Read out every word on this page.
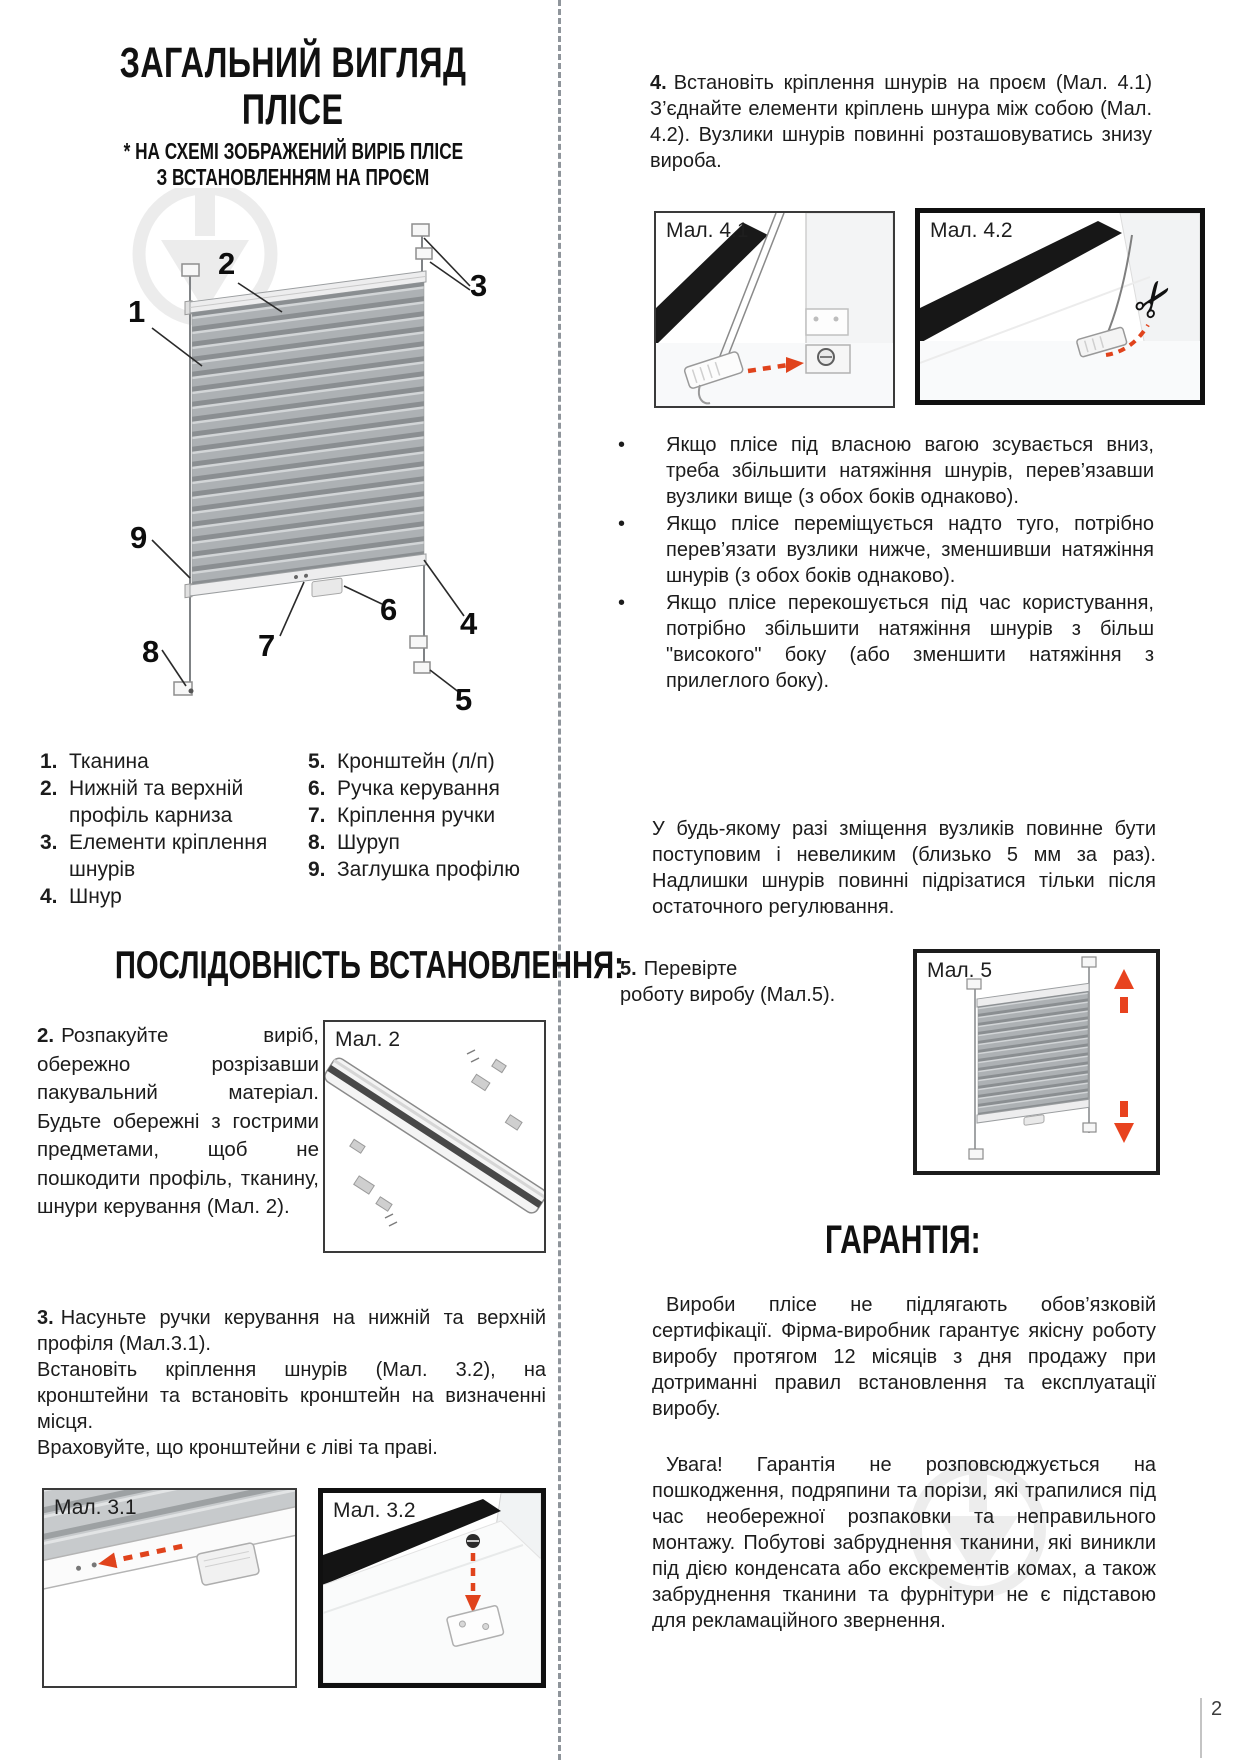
ЗАГАЛЬНИЙ ВИГЛЯД
ПЛІСЕ
* НА СХЕМІ ЗОБРАЖЕНИЙ ВИРІБ ПЛІСЕ
З ВСТАНОВЛЕННЯМ НА ПРОЄМ
1
2
3
9
7
6 4
8
5
1. Тканина
2. Нижній та верхній профіль карниза
3. Елементи кріплення шнурів
4. Шнур
5. Кронштейн (л/п)
6. Ручка керування
7. Кріплення ручки
8. Шуруп
9. Заглушка профілю
ПОСЛІДОВНІСТЬ ВСТАНОВЛЕННЯ:
2. Розпакуйте виріб, обережно розрізавши пакувальний матеріал. Будьте обережні з гострими предметами, щоб не пошкодити профіль, тканину, шнури керування (Мал. 2).
Мал. 2

3. Насуньте ручки керування на нижній та верхній профіля (Мал.3.1).

Встановіть кріплення шнурів (Мал. 3.2), на кронштейни та встановіть кронштейн на визначенні місця.

Враховуйте, що кронштейни є ліві та праві.

Мал. 3.1	Мал. 3.2
4. Встановіть кріплення шнурів на проєм (Мал. 4.1) З’єднайте елементи кріплень шнура між собою (Мал. 4.2). Вузлики шнурів повинні розташовуватись знизу вироба.
Мал. 4.1	Мал. 4.2
✂
•	Якщо плісе під власною вагою зсувається вниз, треба збільшити натяжіння шнурів, перев’язавши вузлики вище (з обох боків однаково).
•	Якщо плісе переміщується надто туго, потрібно перев’язати вузлики нижче, зменшивши натяжіння шнурів (з обох боків однаково).
•	Якщо плісе перекошується під час користування, потрібно збільшити натяжіння шнурів з більш "високого" боку (або зменшити натяжіння з прилеглого боку).
У будь-якому разі зміщення вузликів повинне бути поступовим і невеликим (близько 5 мм за раз). Надлишки шнурів повинні підрізатися тільки після остаточного регулювання.

5. Перевірте
роботу виробу (Мал.5).

Мал. 5
ГАРАНТІЯ:
Вироби плісе не підлягають обов’язковій сертифікації. Фірма-виробник гарантує якісну роботу виробу протягом 12 місяців з дня продажу при дотриманні правил встановлення та експлуатації виробу.
Увага! Гарантія не розповсюджується на пошкодження, подряпини та порізи, які трапилися під час необережної розпаковки та неправильного монтажу. Побутові забруднення тканини, які виникли під дією конденсата або екскрементів комах, а також забруднення тканини та фурнітури не є підставою для рекламаційного звернення.
2
